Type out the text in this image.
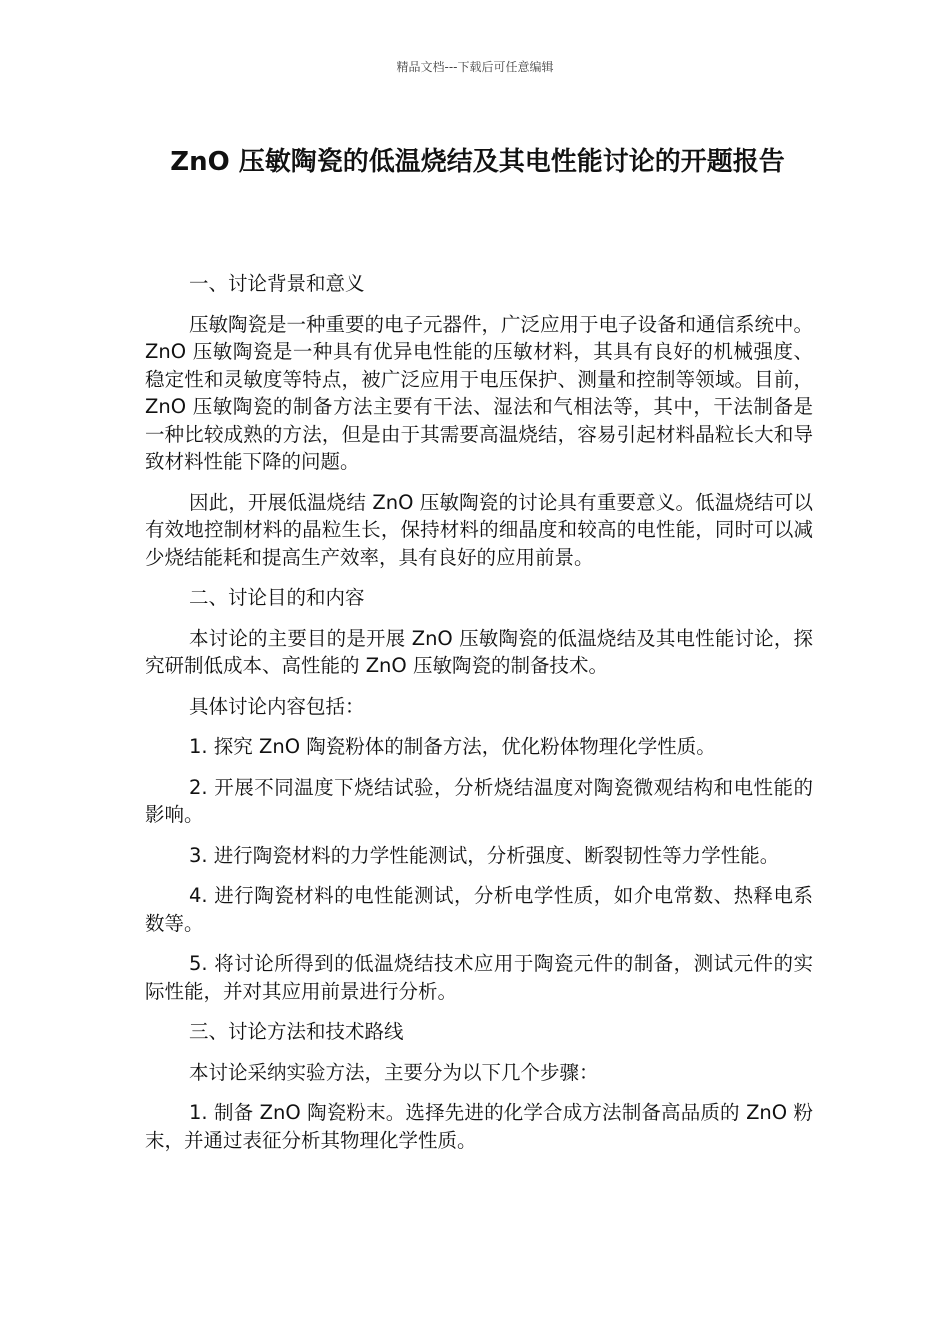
精品文档---下载后可任意编辑
ZnO 压敏陶瓷的低温烧结及其电性能讨论的开题报告

一、讨论背景和意义

压敏陶瓷是一种重要的电子元器件，广泛应用于电子设备和通信系统中。ZnO 压敏陶瓷是一种具有优异电性能的压敏材料，其具有良好的机械强度、稳定性和灵敏度等特点，被广泛应用于电压保护、测量和控制等领域。目前，ZnO 压敏陶瓷的制备方法主要有干法、湿法和气相法等，其中，干法制备是一种比较成熟的方法，但是由于其需要高温烧结，容易引起材料晶粒长大和导致材料性能下降的问题。

因此，开展低温烧结 ZnO 压敏陶瓷的讨论具有重要意义。低温烧结可以有效地控制材料的晶粒生长，保持材料的细晶度和较高的电性能，同时可以减少烧结能耗和提高生产效率，具有良好的应用前景。

二、讨论目的和内容

本讨论的主要目的是开展 ZnO 压敏陶瓷的低温烧结及其电性能讨论，探究研制低成本、高性能的 ZnO 压敏陶瓷的制备技术。

具体讨论内容包括：

1. 探究 ZnO 陶瓷粉体的制备方法，优化粉体物理化学性质。

2. 开展不同温度下烧结试验，分析烧结温度对陶瓷微观结构和电性能的影响。

3. 进行陶瓷材料的力学性能测试，分析强度、断裂韧性等力学性能。

4. 进行陶瓷材料的电性能测试，分析电学性质，如介电常数、热释电系数等。

5. 将讨论所得到的低温烧结技术应用于陶瓷元件的制备，测试元件的实际性能，并对其应用前景进行分析。

三、讨论方法和技术路线

本讨论采纳实验方法，主要分为以下几个步骤：

1. 制备 ZnO 陶瓷粉末。选择先进的化学合成方法制备高品质的 ZnO 粉末，并通过表征分析其物理化学性质。
